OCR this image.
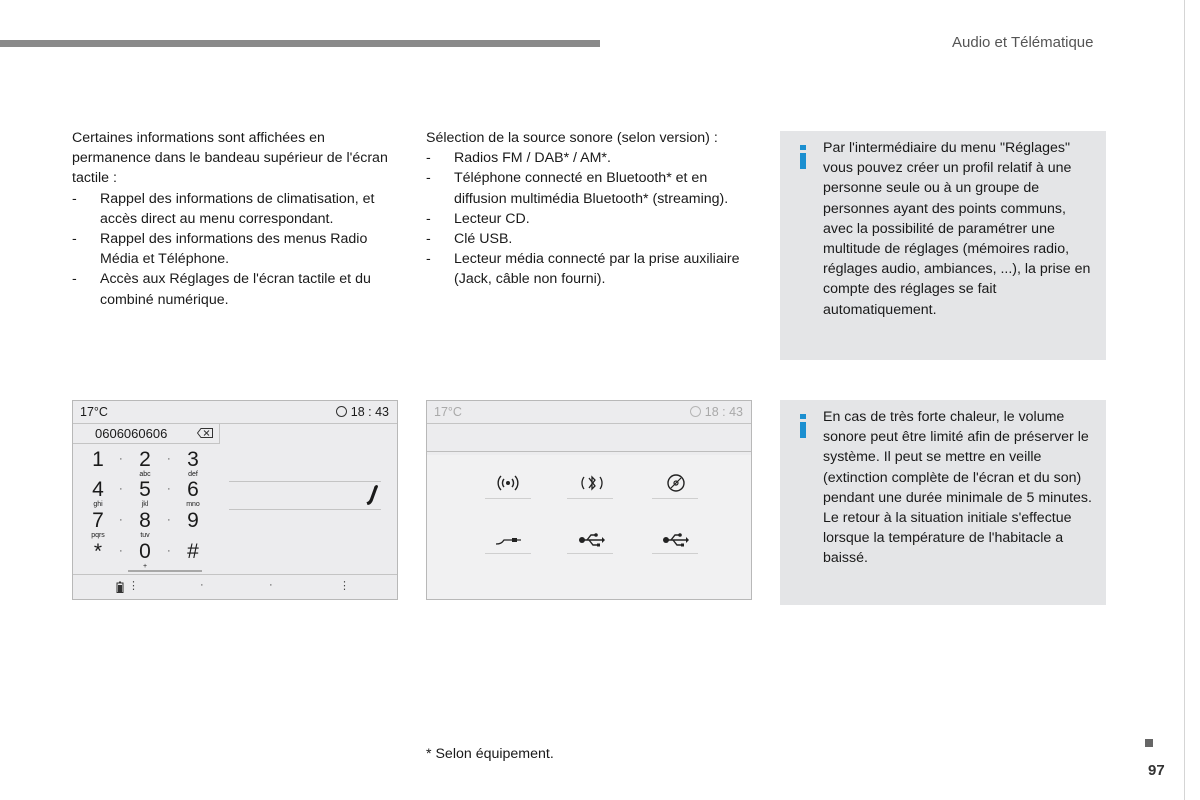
Audio et Télématique

Certaines informations sont affichées en permanence dans le bandeau supérieur de l'écran tactile :

- Rappel des informations de climatisation, et accès direct au menu correspondant.
- Rappel des informations des menus Radio Média et Téléphone.
- Accès aux Réglages de l'écran tactile et du combiné numérique.

Sélection de la source sonore (selon version) :

- Radios FM / DAB* / AM*.
- Téléphone connecté en Bluetooth* et en diffusion multimédia Bluetooth* (streaming).
- Lecteur CD.
- Clé USB.
- Lecteur média connecté par la prise auxiliaire (Jack, câble non fourni).

Par l'intermédiaire du menu "Réglages" vous pouvez créer un profil relatif à une personne seule ou à un groupe de personnes ayant des points communs, avec la possibilité de paramétrer une multitude de réglages (mémoires radio, réglages audio, ambiances, ...), la prise en compte des réglages se fait automatiquement.

En cas de très forte chaleur, le volume sonore peut être limité afin de préserver le système. Il peut se mettre en veille (extinction complète de l'écran et du son) pendant une durée minimale de 5 minutes.

Le retour à la situation initiale s'effectue lorsque la température de l'habitacle a baissé.

17°C	18 : 43
0606060606
1	2
abc
3
def
4
ghi
5
jkl
6
mno
7
pqrs
8
tuv
9
*	0
+
#
·	·
·	·
·	·
·	·
⋮	·	·	⋮
17°C	18 : 43
* Selon équipement.
97
